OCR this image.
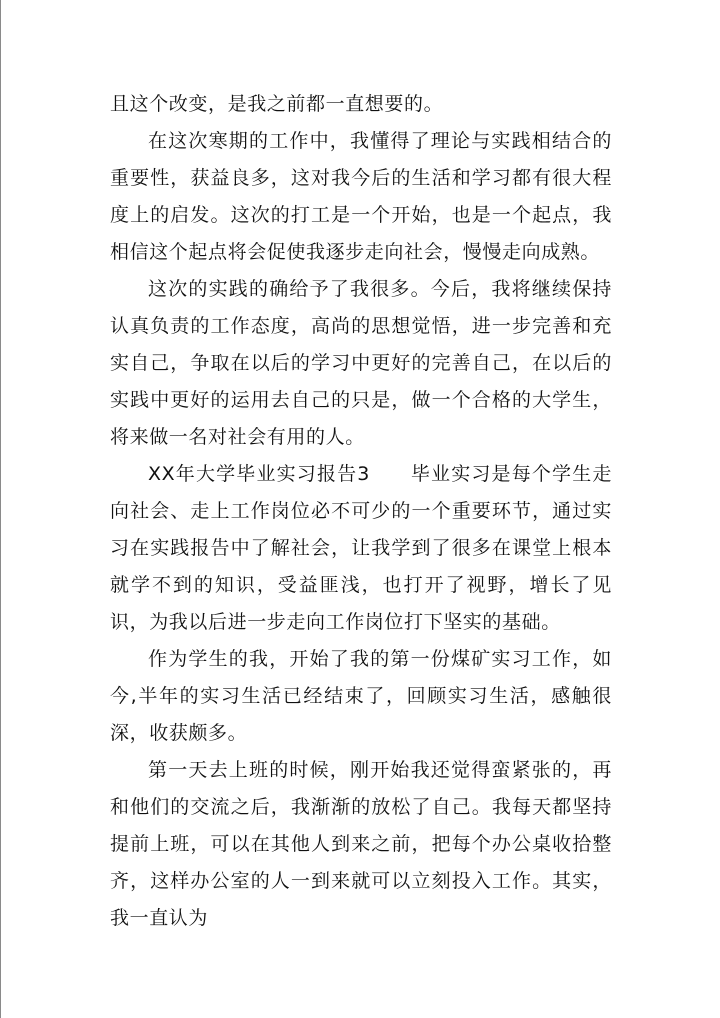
且这个改变，是我之前都一直想要的。

在这次寒期的工作中，我懂得了理论与实践相结合的重要性，获益良多，这对我今后的生活和学习都有很大程度上的启发。这次的打工是一个开始，也是一个起点，我相信这个起点将会促使我逐步走向社会，慢慢走向成熟。

这次的实践的确给予了我很多。今后，我将继续保持认真负责的工作态度，高尚的思想觉悟，进一步完善和充实自己，争取在以后的学习中更好的完善自己，在以后的实践中更好的运用去自己的只是，做一个合格的大学生，将来做一名对社会有用的人。

XX年大学毕业实习报告3　　毕业实习是每个学生走向社会、走上工作岗位必不可少的一个重要环节，通过实习在实践报告中了解社会，让我学到了很多在课堂上根本就学不到的知识，受益匪浅，也打开了视野，增长了见识，为我以后进一步走向工作岗位打下坚实的基础。

作为学生的我，开始了我的第一份煤矿实习工作，如今,半年的实习生活已经结束了，回顾实习生活，感触很深，收获颇多。

第一天去上班的时候，刚开始我还觉得蛮紧张的，再和他们的交流之后，我渐渐的放松了自己。我每天都坚持提前上班，可以在其他人到来之前，把每个办公桌收拾整齐，这样办公室的人一到来就可以立刻投入工作。其实，我一直认为
